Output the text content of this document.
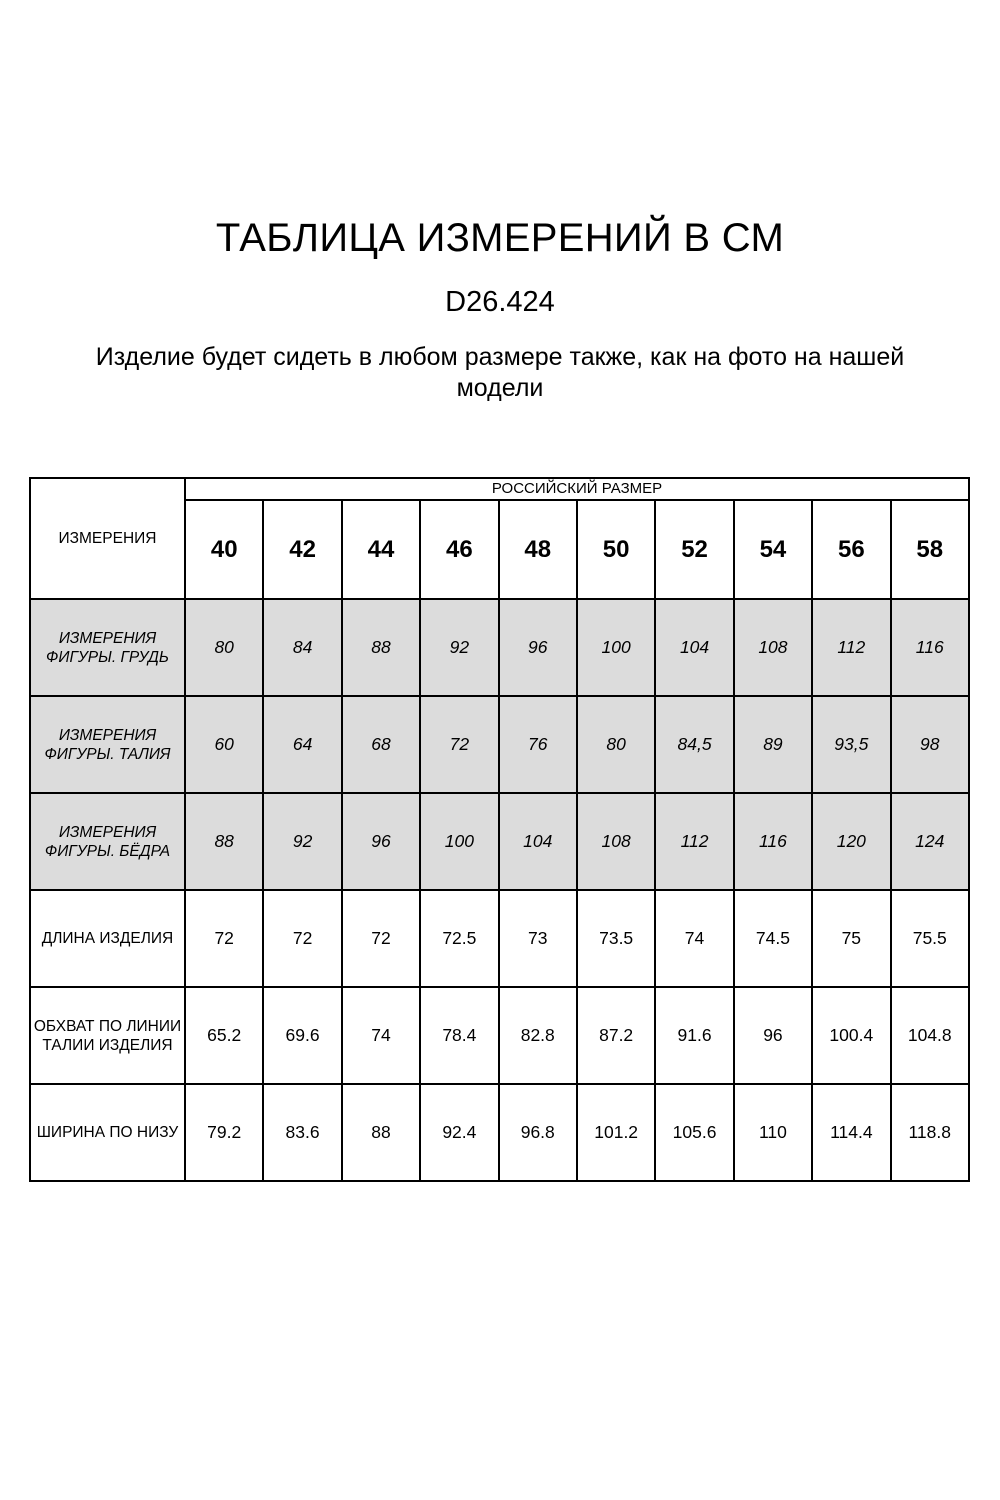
ТАБЛИЦА ИЗМЕРЕНИЙ В СМ
D26.424
Изделие будет сидеть в любом размере также, как на фото на нашей модели
ИЗМЕРЕНИЯ	РОССИЙСКИЙ РАЗМЕР									
	40	42	44	46	48	50	52	54	56	58
ИЗМЕРЕНИЯ ФИГУРЫ. ГРУДЬ	80	84	88	92	96	100	104	108	112	116
ИЗМЕРЕНИЯ ФИГУРЫ. ТАЛИЯ	60	64	68	72	76	80	84,5	89	93,5	98
ИЗМЕРЕНИЯ ФИГУРЫ. БЁДРА	88	92	96	100	104	108	112	116	120	124
ДЛИНА ИЗДЕЛИЯ	72	72	72	72.5	73	73.5	74	74.5	75	75.5
ОБХВАТ ПО ЛИНИИ ТАЛИИ ИЗДЕЛИЯ	65.2	69.6	74	78.4	82.8	87.2	91.6	96	100.4	104.8
ШИРИНА ПО НИЗУ	79.2	83.6	88	92.4	96.8	101.2	105.6	110	114.4	118.8
